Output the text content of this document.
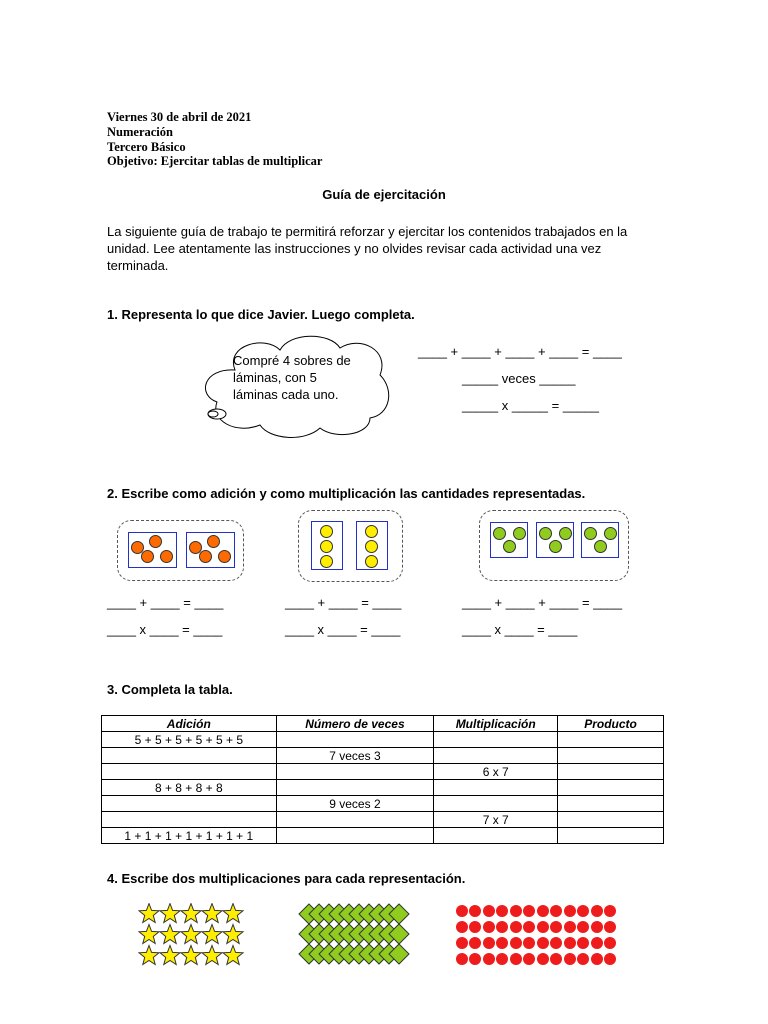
Viernes 30 de abril de 2021
Numeración
Tercero Básico
Objetivo: Ejercitar tablas de multiplicar
Guía de ejercitación
La siguiente guía de trabajo te permitirá reforzar y ejercitar los contenidos trabajados en la unidad. Lee atentamente las instrucciones y no olvides revisar cada actividad una vez terminada.
1. Representa lo que dice Javier. Luego completa.
Compré 4 sobres de láminas, con 5 láminas cada uno.
____ + ____ + ____ + ____ = ____
_____ veces _____
_____ x _____ = _____
2. Escribe como adición y como multiplicación las cantidades representadas.
____ + ____ = ____
____ x ____ = ____
____ + ____ = ____
____ x ____ = ____
____ + ____ + ____ = ____
____ x ____ = ____
3. Completa la tabla.
Adición	Número de veces	Multiplicación	Producto
5 + 5 + 5 + 5 + 5 + 5			
	7 veces 3		
		6 x 7	
8 + 8 + 8 + 8			
	9 veces 2		
		7 x 7	
1 + 1 + 1 + 1 + 1 + 1 + 1			
4. Escribe dos multiplicaciones para cada representación.
